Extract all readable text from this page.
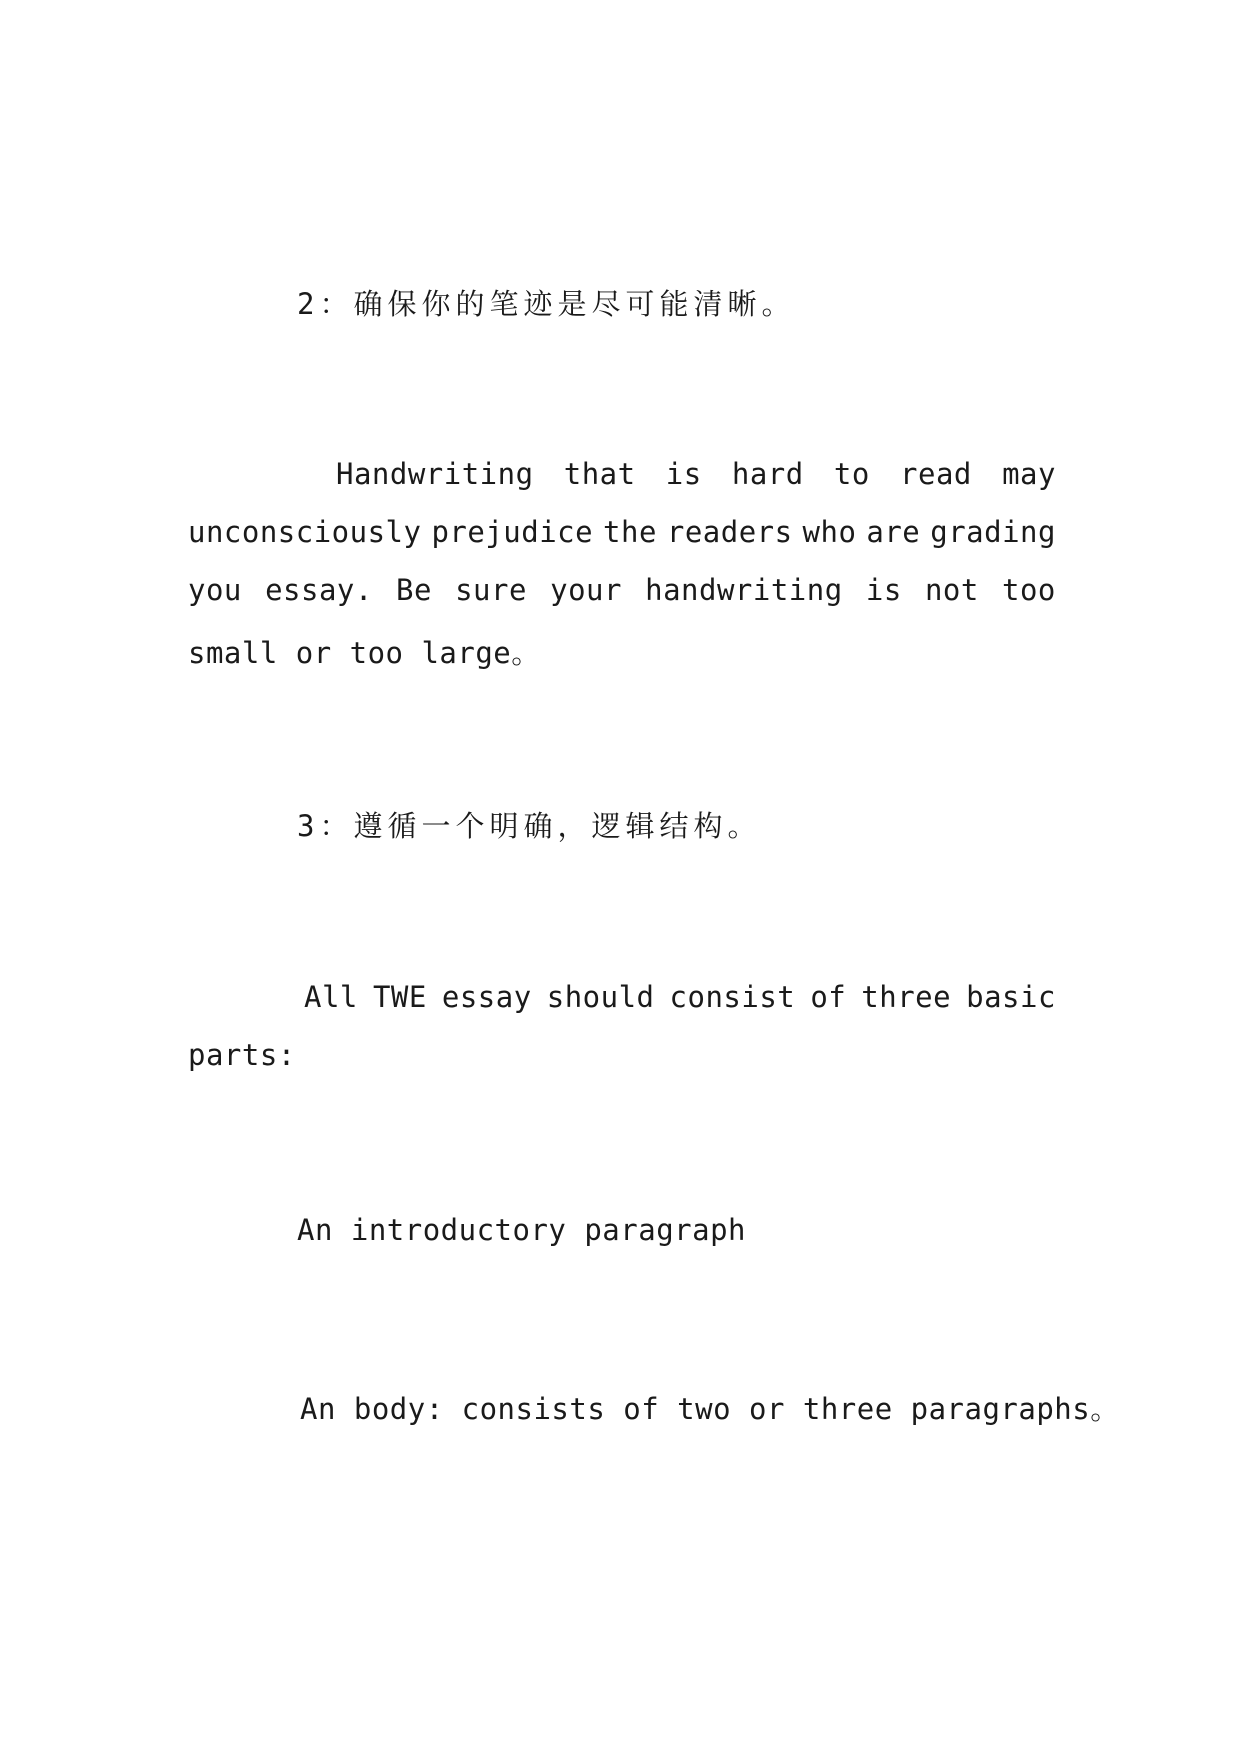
2：确保你的笔迹是尽可能清晰。
Handwriting that is hard to read may
unconsciously prejudice the readers who are grading
you essay. Be sure your handwriting is not too
small or too large。
3：遵循一个明确，逻辑结构。
All TWE essay should consist of three basic
parts:
An introductory paragraph
An body: consists of two or three paragraphs。
